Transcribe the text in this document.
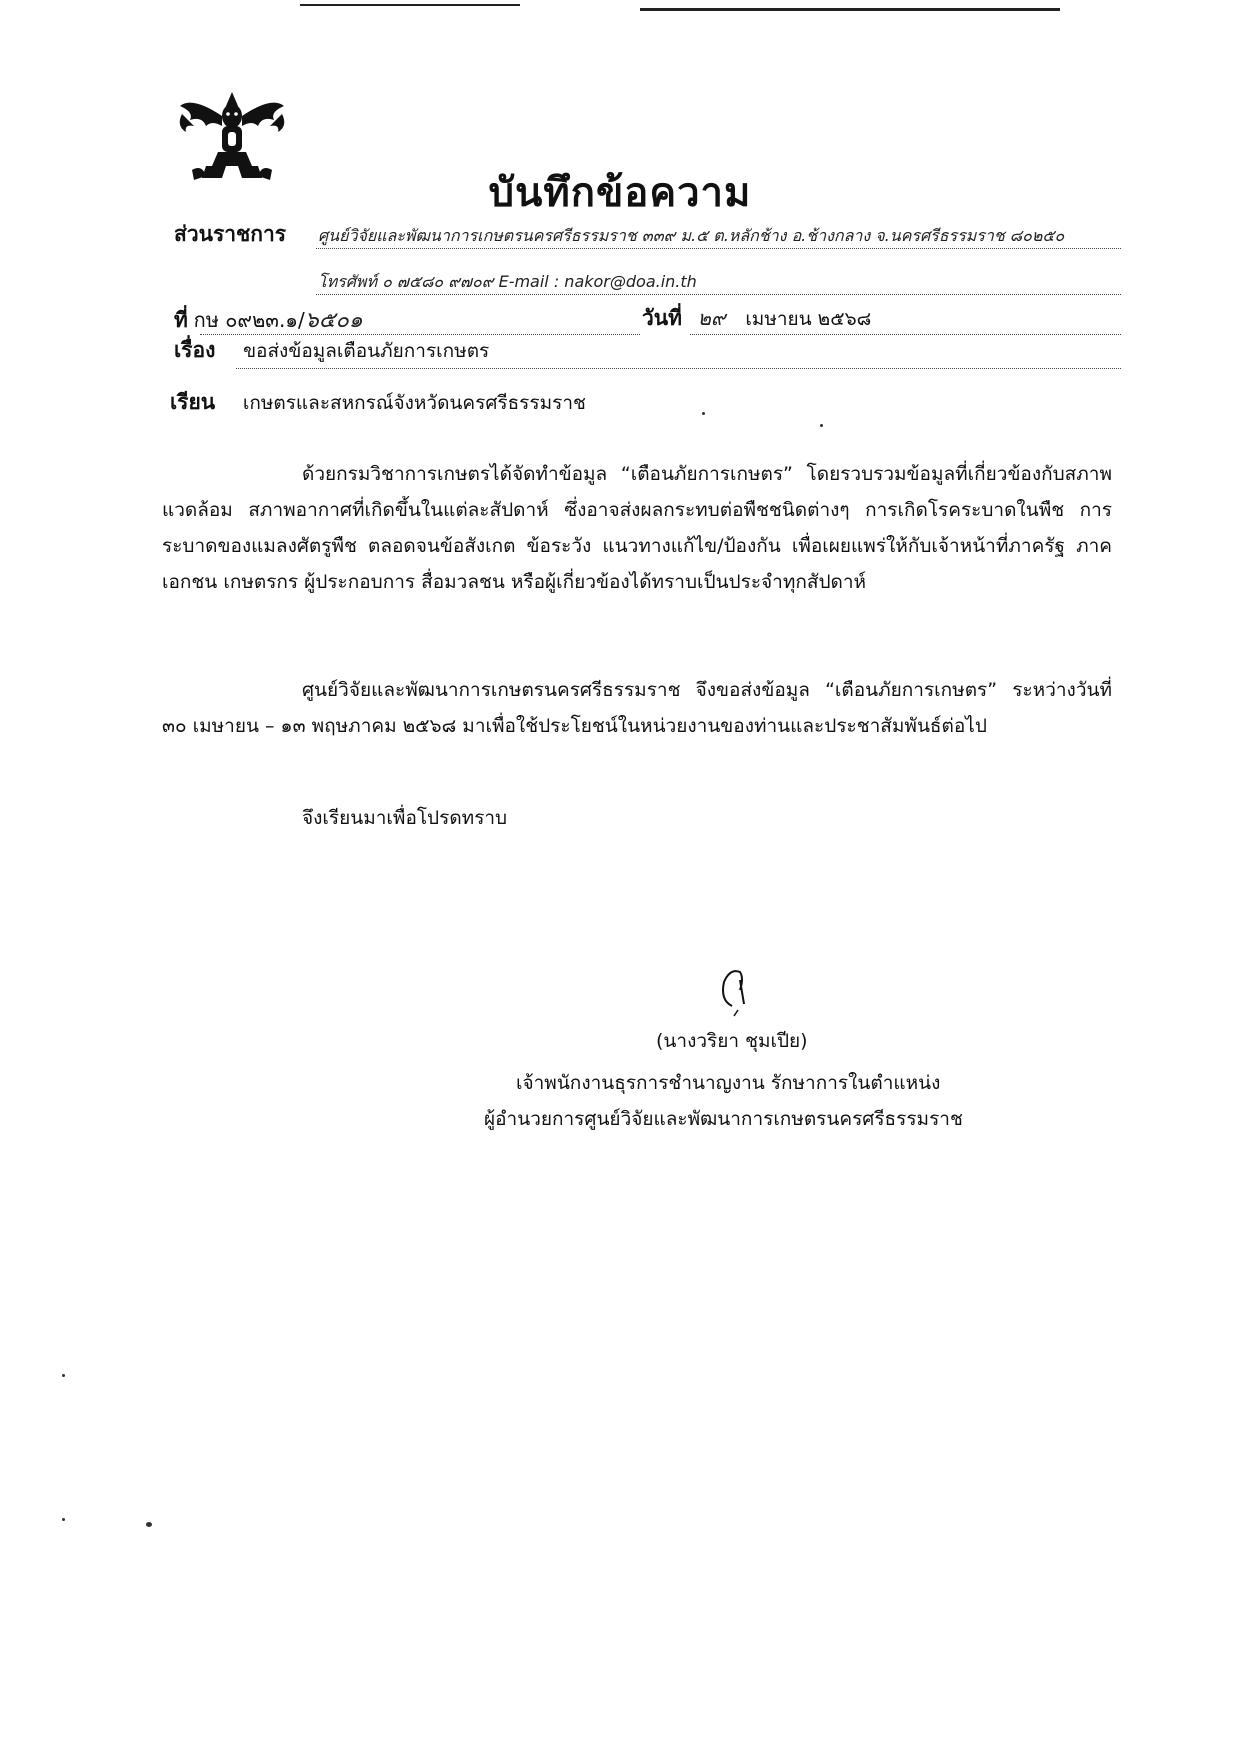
บันทึกข้อความ
ส่วนราชการ ศูนย์วิจัยและพัฒนาการเกษตรนครศรีธรรมราช ๓๓๙ ม.๕ ต.หลักช้าง อ.ช้างกลาง จ.นครศรีธรรมราช ๘๐๒๕๐
โทรศัพท์ ๐ ๗๕๘๐ ๙๗๐๙ E-mail : nakor@doa.in.th
ที่ กษ ๐๙๒๓.๑/๖๕๐๑	วันที่ ๒๙ เมษายน ๒๕๖๘
เรื่อง ขอส่งข้อมูลเตือนภัยการเกษตร
เรียน เกษตรและสหกรณ์จังหวัดนครศรีธรรมราช
ด้วยกรมวิชาการเกษตรได้จัดทำข้อมูล “เตือนภัยการเกษตร” โดยรวบรวมข้อมูลที่เกี่ยวข้องกับสภาพแวดล้อม สภาพอากาศที่เกิดขึ้นในแต่ละสัปดาห์ ซึ่งอาจส่งผลกระทบต่อพืชชนิดต่างๆ การเกิดโรคระบาดในพืช การระบาดของแมลงศัตรูพืช ตลอดจนข้อสังเกต ข้อระวัง แนวทางแก้ไข/ป้องกัน เพื่อเผยแพร่ให้กับเจ้าหน้าที่ภาครัฐ ภาคเอกชน เกษตรกร ผู้ประกอบการ สื่อมวลชน หรือผู้เกี่ยวข้องได้ทราบเป็นประจำทุกสัปดาห์
ศูนย์วิจัยและพัฒนาการเกษตรนครศรีธรรมราช จึงขอส่งข้อมูล “เตือนภัยการเกษตร” ระหว่างวันที่ ๓๐ เมษายน – ๑๓ พฤษภาคม ๒๕๖๘ มาเพื่อใช้ประโยชน์ในหน่วยงานของท่านและประชาสัมพันธ์ต่อไป
จึงเรียนมาเพื่อโปรดทราบ
(นางวริยา ชุมเปีย)
เจ้าพนักงานธุรการชำนาญงาน รักษาการในตำแหน่ง
ผู้อำนวยการศูนย์วิจัยและพัฒนาการเกษตรนครศรีธรรมราช
